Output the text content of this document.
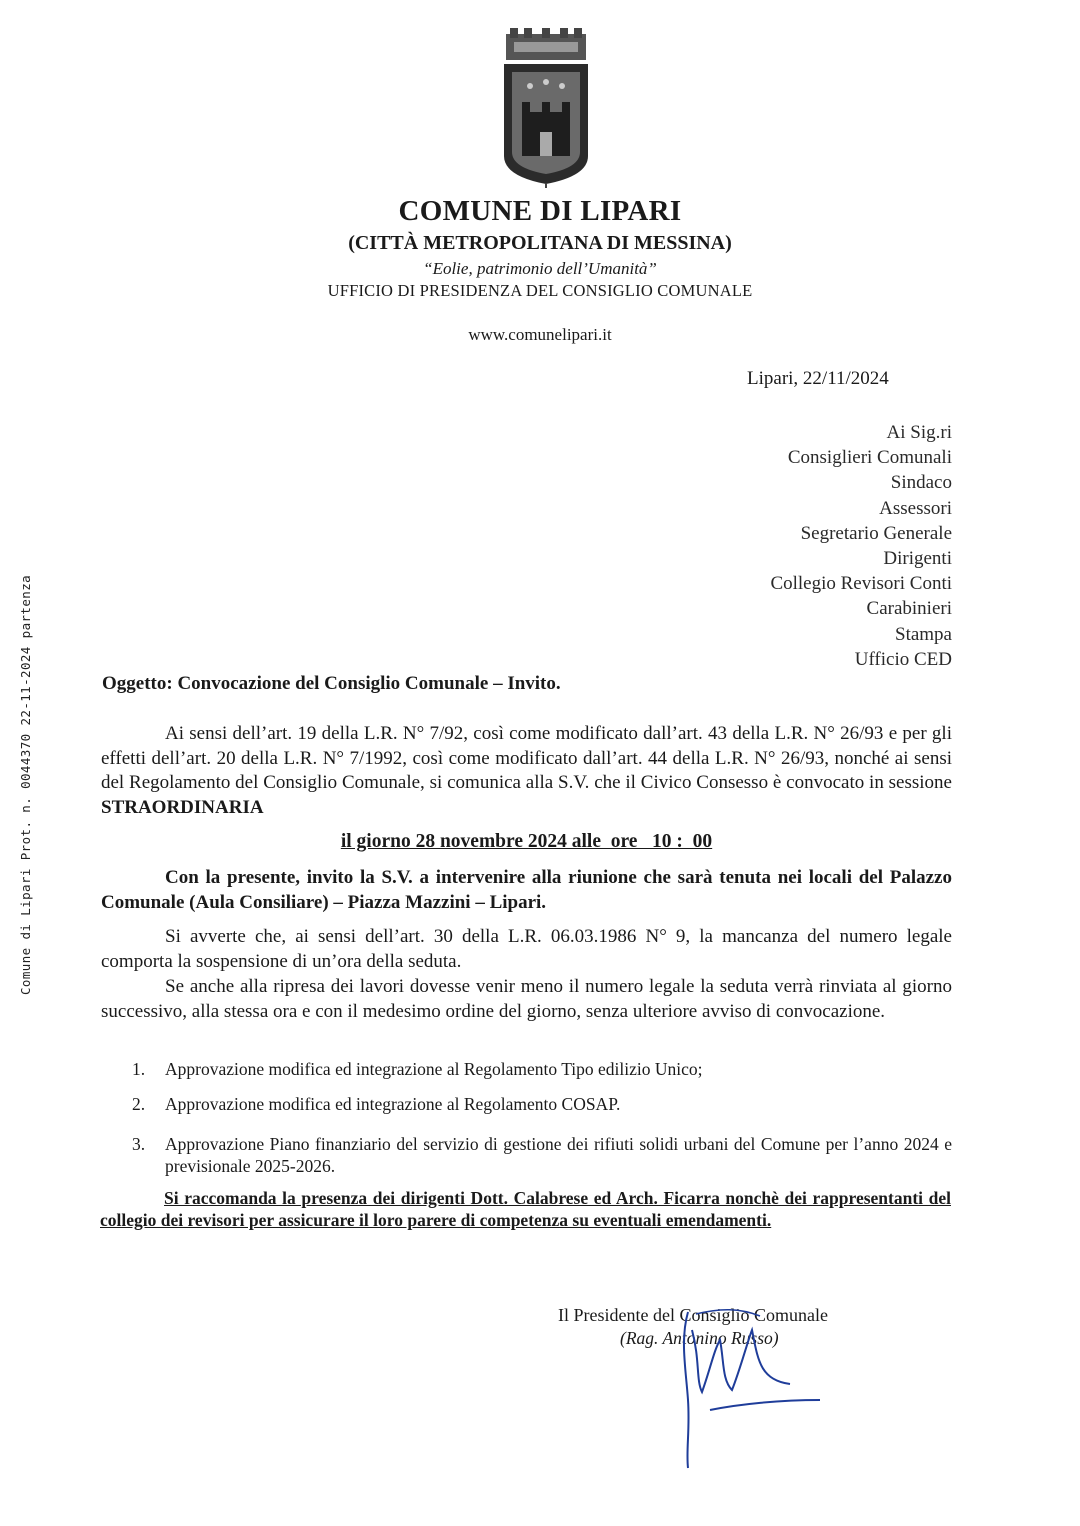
COMUNE DI LIPARI
(CITTÀ METROPOLITANA DI MESSINA)
“Eolie, patrimonio dell’Umanità”
UFFICIO DI PRESIDENZA DEL CONSIGLIO COMUNALE
www.comunelipari.it
Lipari, 22/11/2024
Ai Sig.ri
Consiglieri Comunali
Sindaco
Assessori
Segretario Generale
Dirigenti
Collegio Revisori Conti
Carabinieri
Stampa
Ufficio CED
Oggetto: Convocazione del Consiglio Comunale – Invito.
Ai sensi dell’art. 19 della L.R. N° 7/92, così come modificato dall’art. 43 della L.R. N° 26/93 e per gli effetti dell’art. 20 della L.R. N° 7/1992, così come modificato dall’art. 44 della L.R. N° 26/93, nonché ai sensi del Regolamento del Consiglio Comunale, si comunica alla S.V. che il Civico Consesso è convocato in sessione STRAORDINARIA
il giorno 28 novembre 2024 alle  ore   10 :  00
Con la presente, invito la S.V. a intervenire alla riunione che sarà tenuta nei locali del Palazzo Comunale (Aula Consiliare) – Piazza Mazzini – Lipari.
Si avverte che, ai sensi dell’art. 30 della L.R. 06.03.1986 N° 9, la mancanza del numero legale comporta la sospensione di un’ora della seduta.
Se anche alla ripresa dei lavori dovesse venir meno il numero legale la seduta verrà rinviata al giorno successivo, alla stessa ora e con il medesimo ordine del giorno, senza ulteriore avviso di convocazione.
1.	Approvazione modifica ed integrazione al Regolamento Tipo edilizio Unico;
2.	Approvazione modifica ed integrazione al Regolamento COSAP.
3.	Approvazione Piano finanziario del servizio di gestione dei rifiuti solidi urbani del Comune per l’anno 2024 e previsionale 2025-2026.
Si raccomanda la presenza dei dirigenti Dott. Calabrese ed Arch. Ficarra nonchè dei rappresentanti del collegio dei revisori per assicurare il loro parere di competenza su eventuali emendamenti.
Il Presidente del Consiglio Comunale
(Rag. Antonino Russo)
Comune di Lipari Prot. n. 0044370 22-11-2024 partenza
